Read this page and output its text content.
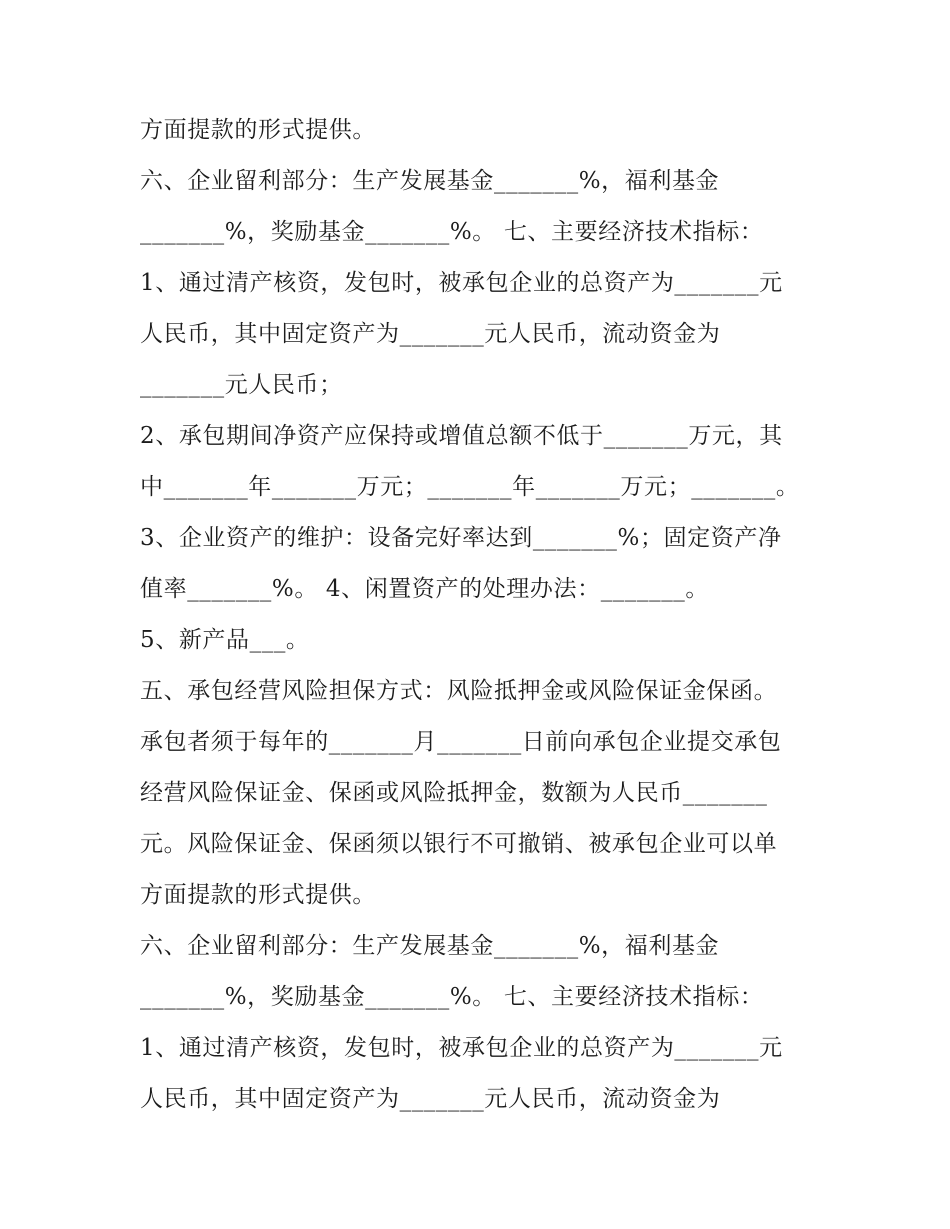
方面提款的形式提供。
六、企业留利部分：生产发展基金_______%，福利基金
_______%，奖励基金_______%。 七、主要经济技术指标：
1、通过清产核资，发包时，被承包企业的总资产为_______元
人民币，其中固定资产为_______元人民币，流动资金为
_______元人民币；
2、承包期间净资产应保持或增值总额不低于_______万元，其
中_______年_______万元；_______年_______万元；_______。
3、企业资产的维护：设备完好率达到_______%；固定资产净
值率_______%。 4、闲置资产的处理办法：_______。
5、新产品___。
五、承包经营风险担保方式：风险抵押金或风险保证金保函。
承包者须于每年的_______月_______日前向承包企业提交承包
经营风险保证金、保函或风险抵押金，数额为人民币_______
元。风险保证金、保函须以银行不可撤销、被承包企业可以单
方面提款的形式提供。
六、企业留利部分：生产发展基金_______%，福利基金
_______%，奖励基金_______%。 七、主要经济技术指标：
1、通过清产核资，发包时，被承包企业的总资产为_______元
人民币，其中固定资产为_______元人民币，流动资金为
